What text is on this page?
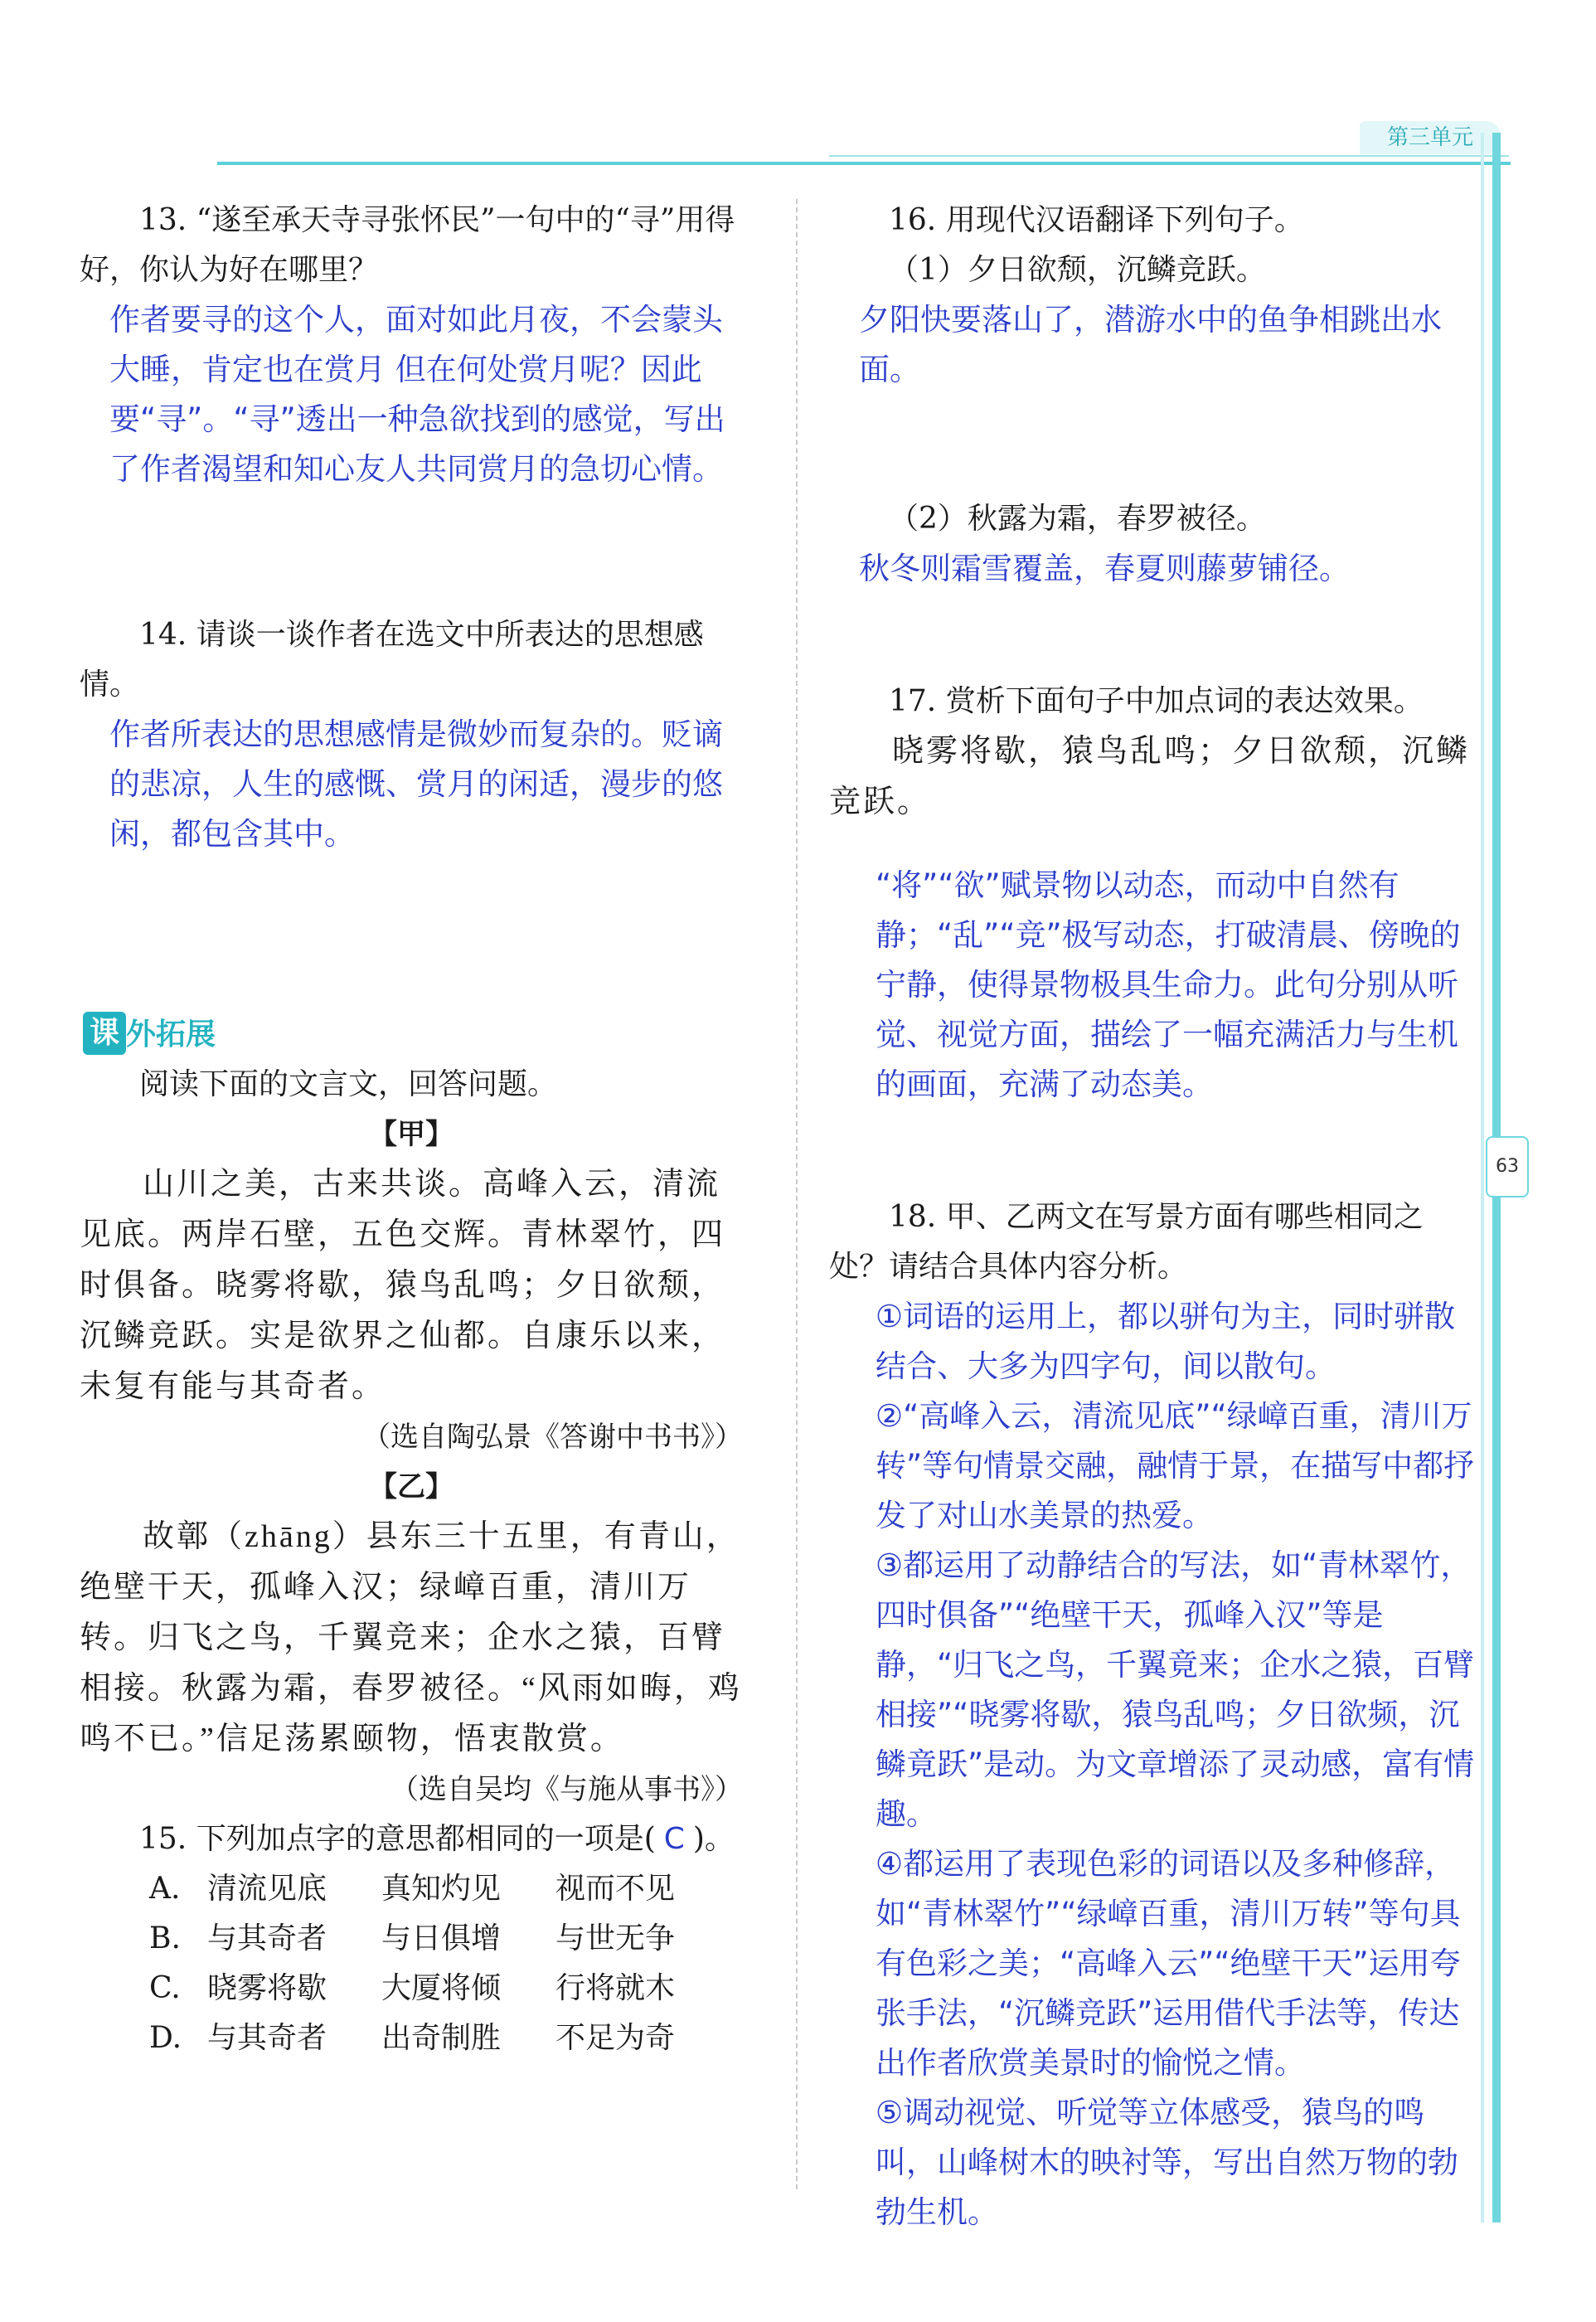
第三单元
63

13. “遂至承天寺寻张怀民”一句中的“寻”用得好，你认为好在哪里？

作者要寻的这个人，面对如此月夜，不会蒙头大睡，肯定也在赏月 但在何处赏月呢？因此要“寻”。“寻”透出一种急欲找到的感觉，写出了作者渴望和知心友人共同赏月的急切心情。

14. 请谈一谈作者在选文中所表达的思想感情。

作者所表达的思想感情是微妙而复杂的。贬谪的悲凉，人生的感慨、赏月的闲适，漫步的悠闲，都包含其中。

课 外拓展

阅读下面的文言文，回答问题。

【甲】

山川之美，古来共谈。高峰入云，清流见底。两岸石壁，五色交辉。青林翠竹，四时俱备。晓雾将歇，猿鸟乱鸣；夕日欲颓，沉鳞竞跃。实是欲界之仙都。自康乐以来，未复有能与其奇者。

（选自陶弘景《答谢中书书》）

【乙】

故鄣（zhāng）县东三十五里，有青山，绝壁干天，孤峰入汉；绿嶂百重，清川万转。归飞之鸟，千翼竞来；企水之猿，百臂相接。秋露为霜，春罗被径。“风雨如晦，鸡鸣不已。”信足荡累颐物，悟衷散赏。

（选自吴均《与施从事书》）

15. 下列加点字的意思都相同的一项是( C )。

A. 清流见底	真知灼见	视而不见

B. 与其奇者	与日俱增	与世无争

C. 晓雾将歇	大厦将倾	行将就木

D. 与其奇者	出奇制胜	不足为奇

16. 用现代汉语翻译下列句子。

（1）夕日欲颓，沉鳞竞跃。

夕阳快要落山了，潜游水中的鱼争相跳出水面。

（2）秋露为霜，春罗被径。

秋冬则霜雪覆盖，春夏则藤萝铺径。

17. 赏析下面句子中加点词的表达效果。

晓雾将歇，猿鸟乱鸣；夕日欲颓，沉鳞竞跃。

“将”“欲”赋景物以动态，而动中自然有静；“乱”“竞”极写动态，打破清晨、傍晚的宁静，使得景物极具生命力。此句分别从听觉、视觉方面，描绘了一幅充满活力与生机的画面，充满了动态美。

18. 甲、乙两文在写景方面有哪些相同之处？请结合具体内容分析。

①词语的运用上，都以骈句为主，同时骈散结合、大多为四字句，间以散句。

②“高峰入云，清流见底”“绿嶂百重，清川万转”等句情景交融，融情于景，在描写中都抒发了对山水美景的热爱。

③都运用了动静结合的写法，如“青林翠竹，四时俱备”“绝壁干天，孤峰入汉”等是静，“归飞之鸟，千翼竟来；企水之猿，百臂相接”“晓雾将歇，猿鸟乱鸣；夕日欲频，沉鳞竟跃”是动。为文章增添了灵动感，富有情趣。

④都运用了表现色彩的词语以及多种修辞，如“青林翠竹”“绿嶂百重，清川万转”等句具有色彩之美；“高峰入云”“绝壁干天”运用夸张手法，“沉鳞竞跃”运用借代手法等，传达出作者欣赏美景时的愉悦之情。

⑤调动视觉、听觉等立体感受，猿鸟的鸣叫，山峰树木的映衬等，写出自然万物的勃勃生机。
